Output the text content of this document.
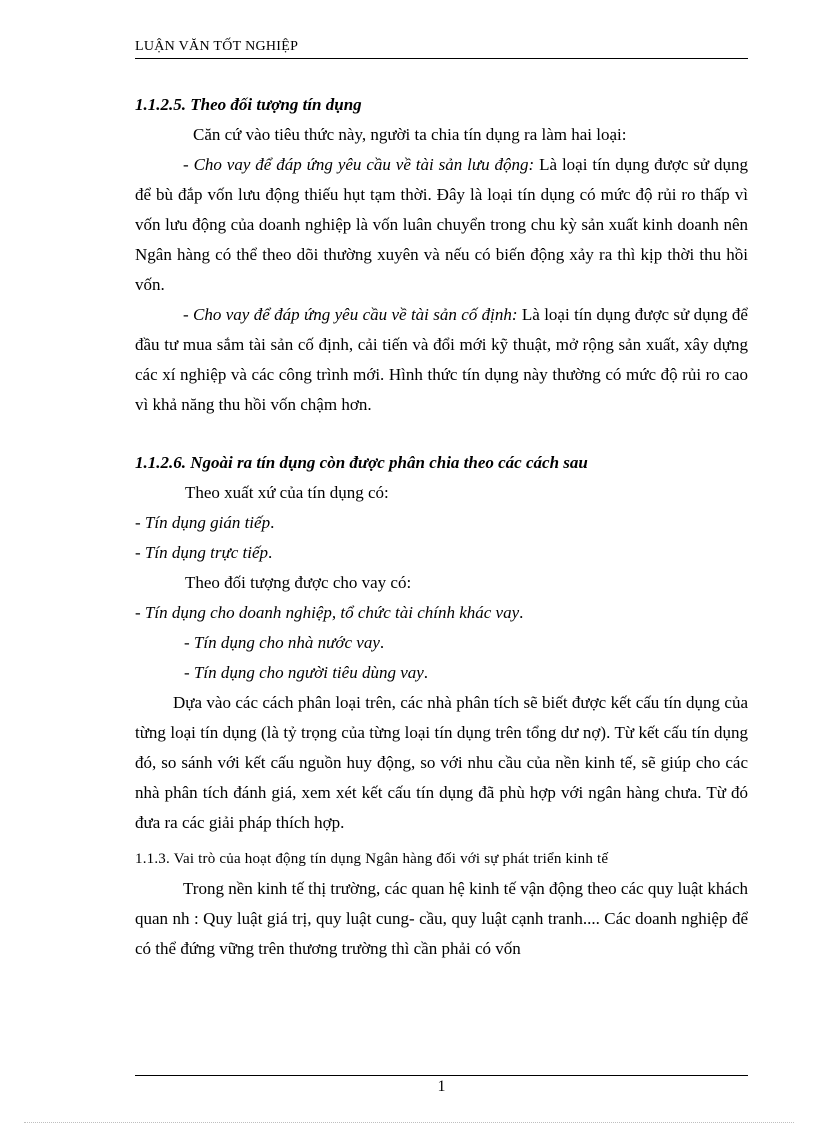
LUẬN VĂN TỐT NGHIỆP

1.1.2.5. Theo đối tượng tín dụng

Căn cứ vào tiêu thức này, người ta chia tín dụng ra làm hai loại:

- Cho vay để đáp ứng yêu cầu về tài sản lưu động: Là loại tín dụng được sử dụng để bù đắp vốn lưu động thiếu hụt tạm thời. Đây là loại tín dụng có mức độ rủi ro thấp vì vốn lưu động của doanh nghiệp là vốn luân chuyển trong chu kỳ sản xuất kinh doanh nên Ngân hàng có thể theo dõi thường xuyên và nếu có biến động xảy ra thì kịp thời thu hồi vốn.

- Cho vay để đáp ứng yêu cầu về tài sản cố định: Là loại tín dụng được sử dụng để đầu tư mua sắm tài sản cố định, cải tiến và đổi mới kỹ thuật, mở rộng sản xuất, xây dựng các xí nghiệp và các công trình mới. Hình thức tín dụng này thường có mức độ rủi ro cao vì khả năng thu hồi vốn chậm hơn.

1.1.2.6. Ngoài ra tín dụng còn được phân chia theo các cách sau

Theo xuất xứ của tín dụng có:

- Tín dụng gián tiếp.

- Tín dụng trực tiếp.

Theo đối tượng được cho vay có:

- Tín dụng cho doanh nghiệp, tổ chức tài chính khác vay.

- Tín dụng cho nhà nước vay.

- Tín dụng cho người tiêu dùng vay.

Dựa vào các cách phân loại trên, các nhà phân tích sẽ biết được kết cấu tín dụng của từng loại tín dụng (là tỷ trọng của từng loại tín dụng trên tổng dư nợ). Từ kết cấu tín dụng đó, so sánh với kết cấu nguồn huy động, so với nhu cầu của nền kinh tế, sẽ giúp cho các nhà phân tích đánh giá, xem xét kết cấu tín dụng đã phù hợp với ngân hàng chưa. Từ đó đưa ra các giải pháp thích hợp.

1.1.3. Vai trò của hoạt động tín dụng Ngân hàng đối với sự phát triển kinh tế

Trong nền kinh tế thị trường, các quan hệ kinh tế vận động theo các quy luật khách quan nh : Quy luật giá trị, quy luật cung- cầu, quy luật cạnh tranh.... Các doanh nghiệp để có thể đứng vững trên thương trường thì cần phải có vốn

1
